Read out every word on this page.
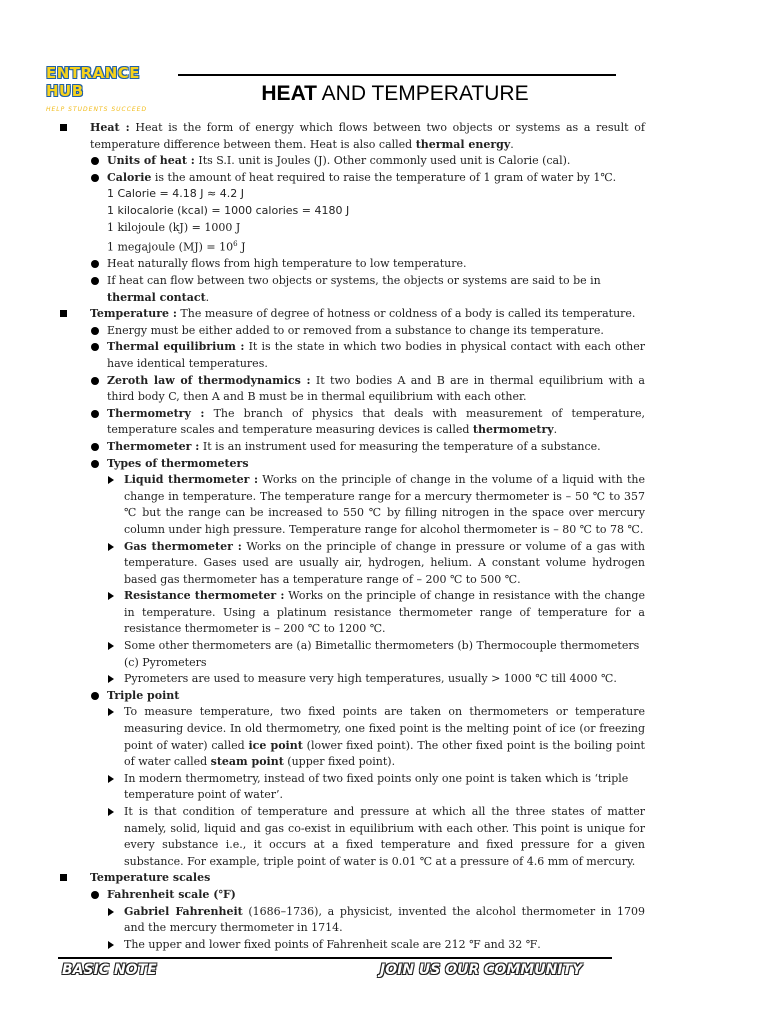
ENTRANCE HUB
HELP STUDENTS SUCCEED
HEAT AND TEMPERATURE
Heat : Heat is the form of energy which flows between two objects or systems as a result of temperature difference between them. Heat is also called thermal energy.
Units of heat : Its S.I. unit is Joules (J). Other commonly used unit is Calorie (cal).
Calorie is the amount of heat required to raise the temperature of 1 gram of water by 1℃.
1 Calorie = 4.18 J ≈ 4.2 J
1 kilocalorie (kcal) = 1000 calories = 4180 J
1 kilojoule (kJ) = 1000 J
1 megajoule $(MJ) = 10^6$ J
Heat naturally flows from high temperature to low temperature.
If heat can flow between two objects or systems, the objects or systems are said to be in thermal contact.
Temperature : The measure of degree of hotness or coldness of a body is called its temperature.
Energy must be either added to or removed from a substance to change its temperature.
Thermal equilibrium : It is the state in which two bodies in physical contact with each other have identical temperatures.
Zeroth law of thermodynamics : It two bodies A and B are in thermal equilibrium with a third body C, then A and B must be in thermal equilibrium with each other.
Thermometry : The branch of physics that deals with measurement of temperature, temperature scales and temperature measuring devices is called thermometry.
Thermometer : It is an instrument used for measuring the temperature of a substance.
Types of thermometers
Liquid thermometer : Works on the principle of change in the volume of a liquid with the change in temperature. The temperature range for a mercury thermometer is – 50 ℃ to 357 ℃ but the range can be increased to 550 ℃ by filling nitrogen in the space over mercury column under high pressure. Temperature range for alcohol thermometer is – 80 ℃ to 78 ℃.
Gas thermometer : Works on the principle of change in pressure or volume of a gas with temperature. Gases used are usually air, hydrogen, helium. A constant volume hydrogen based gas thermometer has a temperature range of – 200 ℃ to 500 ℃.
Resistance thermometer : Works on the principle of change in resistance with the change in temperature. Using a platinum resistance thermometer range of temperature for a resistance thermometer is – 200 ℃ to 1200 ℃.
Some other thermometers are (a) Bimetallic thermometers (b) Thermocouple thermometers (c) Pyrometers
Pyrometers are used to measure very high temperatures, usually > 1000 ℃ till 4000 ℃.
Triple point
To measure temperature, two fixed points are taken on thermometers or temperature measuring device. In old thermometry, one fixed point is the melting point of ice (or freezing point of water) called ice point (lower fixed point). The other fixed point is the boiling point of water called steam point (upper fixed point).
In modern thermometry, instead of two fixed points only one point is taken which is ‘triple temperature point of water’.
It is that condition of temperature and pressure at which all the three states of matter namely, solid, liquid and gas co-exist in equilibrium with each other. This point is unique for every substance i.e., it occurs at a fixed temperature and fixed pressure for a given substance. For example, triple point of water is 0.01 ℃ at a pressure of 4.6 mm of mercury.
Temperature scales
Fahrenheit scale (℉)
Gabriel Fahrenheit (1686–1736), a physicist, invented the alcohol thermometer in 1709 and the mercury thermometer in 1714.
The upper and lower fixed points of Fahrenheit scale are 212 ℉ and 32 ℉.
BASIC NOTE	JOIN US OUR COMMUNITY
